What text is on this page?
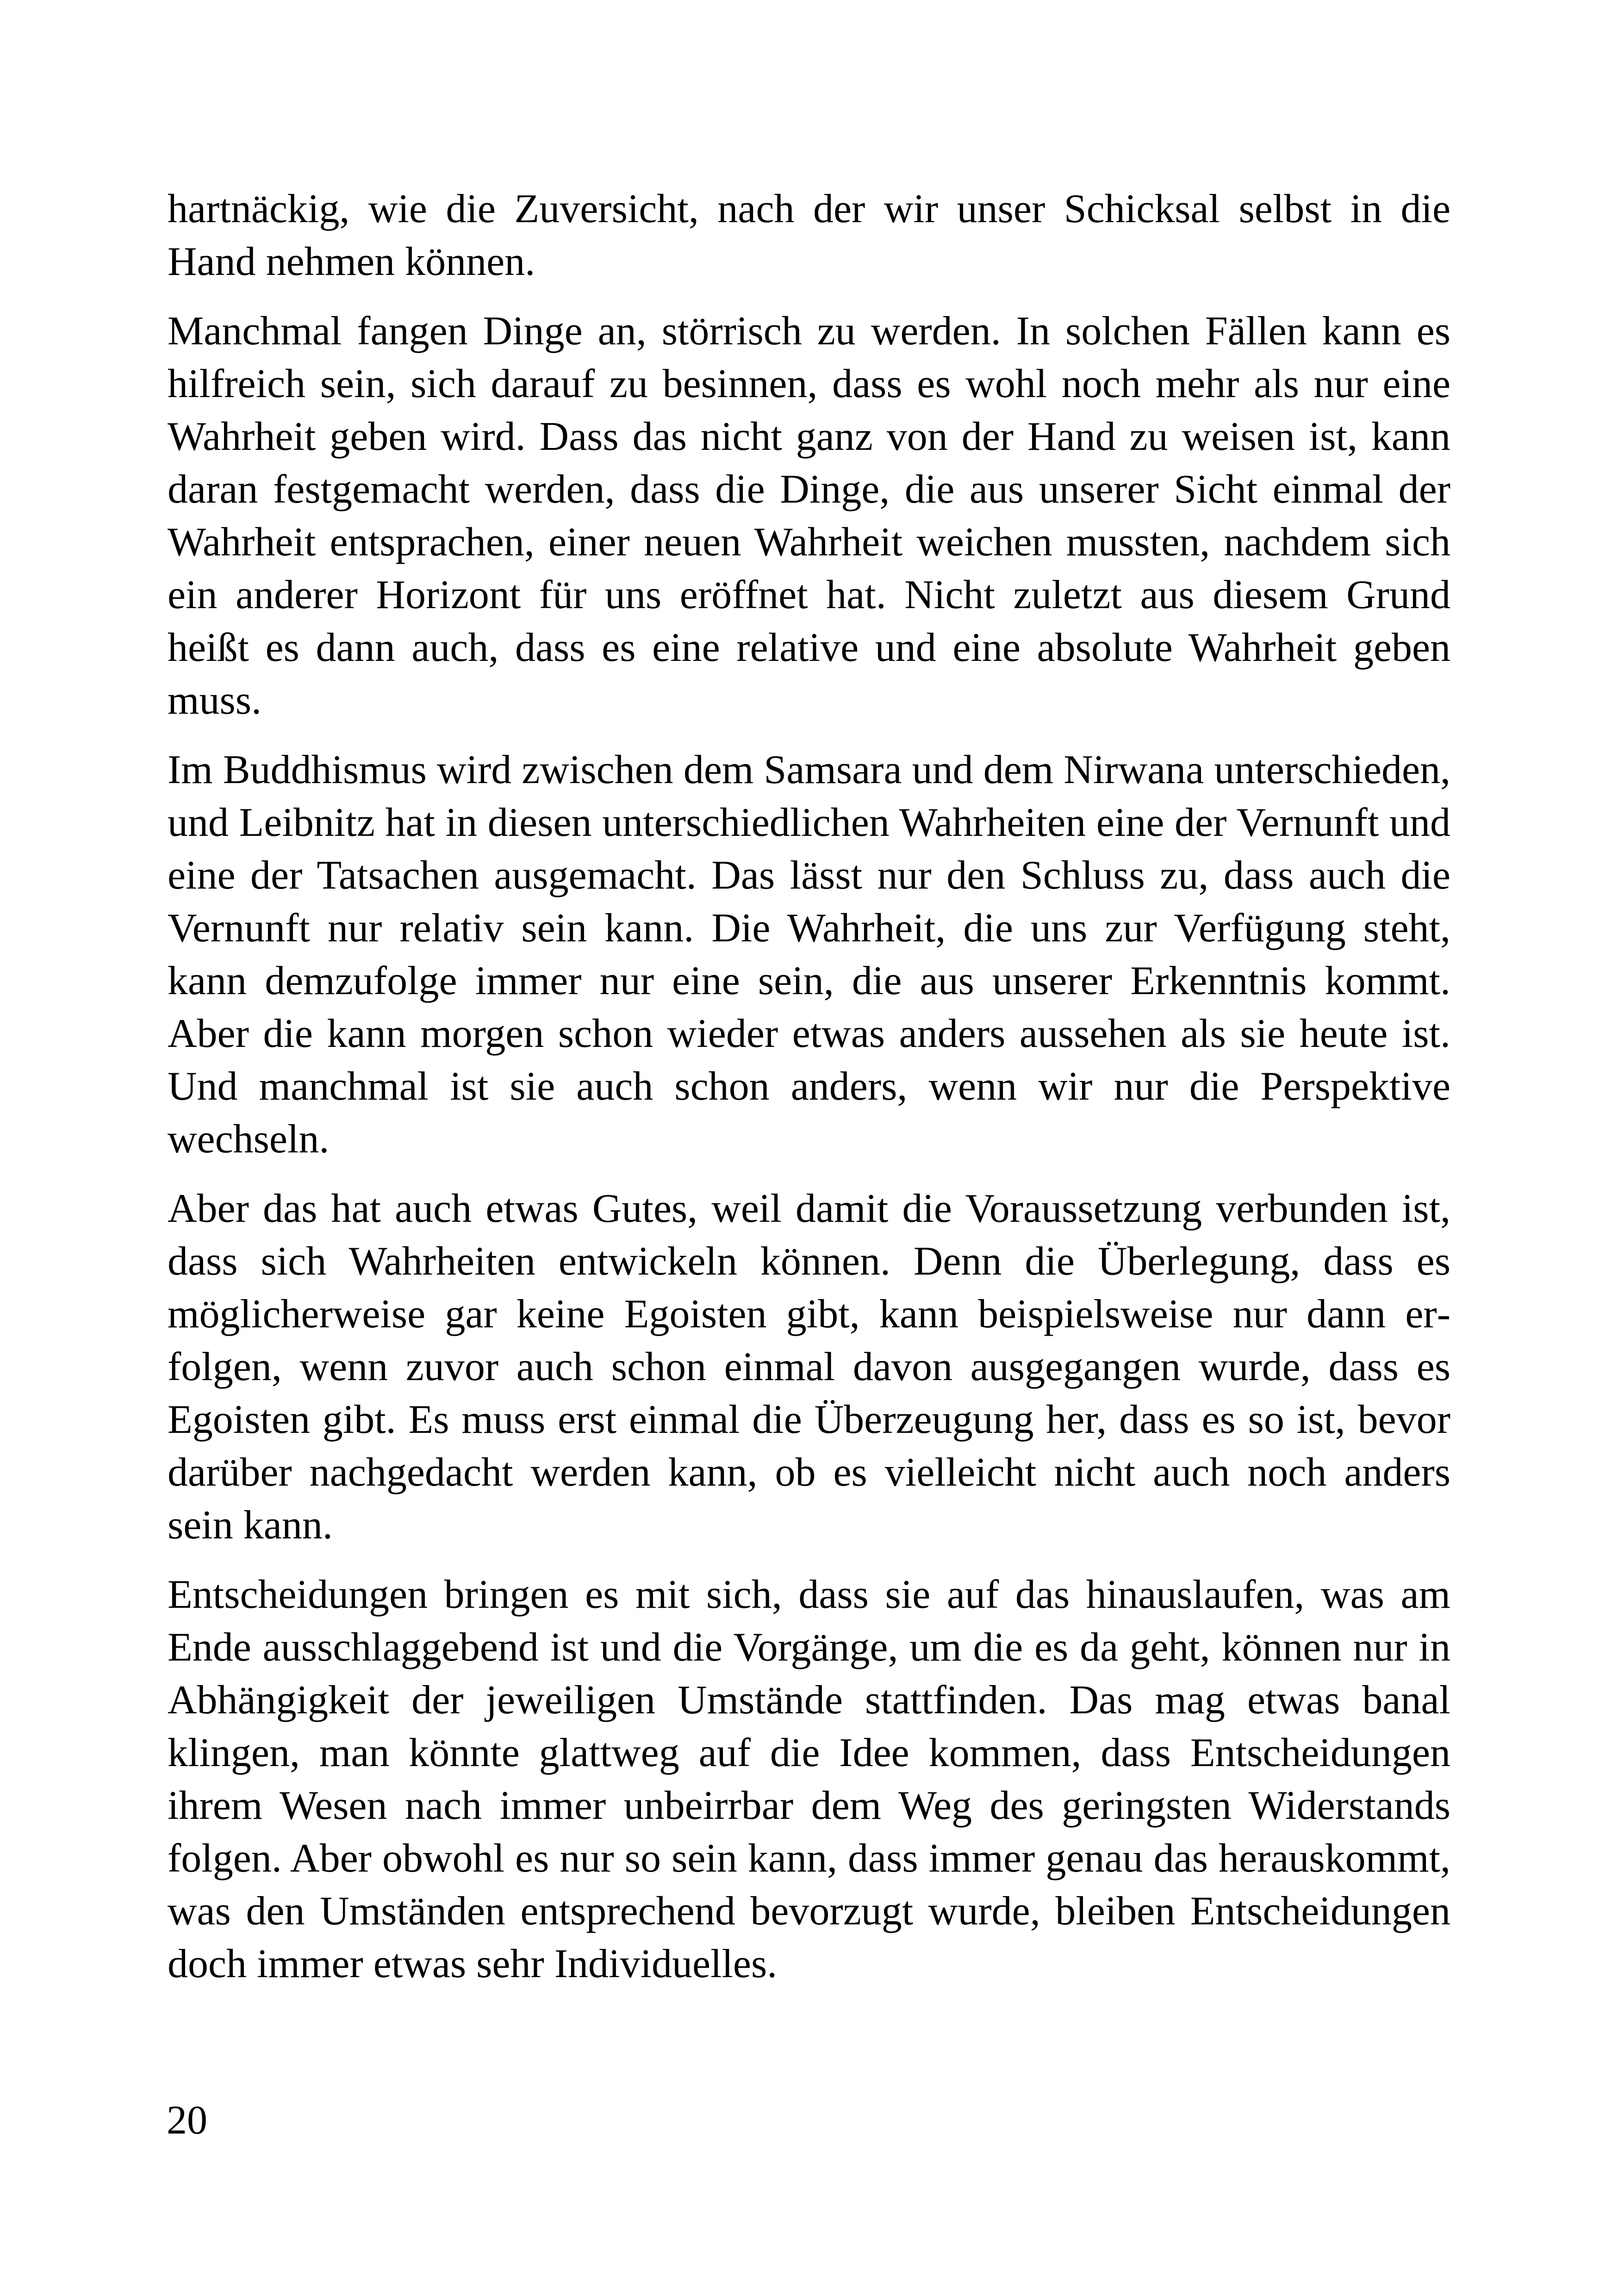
hartnäckig, wie die Zuversicht, nach der wir unser Schicksal selbst in die Hand nehmen können.

Manchmal fangen Dinge an, störrisch zu werden. In solchen Fällen kann es hilfreich sein, sich darauf zu besinnen, dass es wohl noch mehr als nur eine Wahrheit geben wird. Dass das nicht ganz von der Hand zu weisen ist, kann daran festgemacht werden, dass die Dinge, die aus unserer Sicht einmal der Wahrheit entsprachen, einer neuen Wahrheit weichen mussten, nachdem sich ein anderer Horizont für uns eröffnet hat. Nicht zuletzt aus diesem Grund heißt es dann auch, dass es eine relative und eine absolute Wahrheit geben muss.

Im Buddhismus wird zwischen dem Samsara und dem Nirwana unterschieden, und Leibnitz hat in diesen unterschiedlichen Wahrheiten eine der Vernunft und eine der Tatsachen ausgemacht. Das lässt nur den Schluss zu, dass auch die Vernunft nur relativ sein kann. Die Wahrheit, die uns zur Verfügung steht, kann demzufolge immer nur eine sein, die aus unserer Erkenntnis kommt. Aber die kann morgen schon wieder etwas anders aussehen als sie heute ist. Und manchmal ist sie auch schon anders, wenn wir nur die Perspektive wechseln.

Aber das hat auch etwas Gutes, weil damit die Voraussetzung verbunden ist, dass sich Wahrheiten entwickeln können. Denn die Überlegung, dass es möglicherweise gar keine Egoisten gibt, kann beispielsweise nur dann erfolgen, wenn zuvor auch schon einmal davon ausgegangen wurde, dass es Egoisten gibt. Es muss erst einmal die Überzeugung her, dass es so ist, bevor darüber nachgedacht werden kann, ob es vielleicht nicht auch noch anders sein kann.

Entscheidungen bringen es mit sich, dass sie auf das hinauslaufen, was am Ende ausschlaggebend ist und die Vorgänge, um die es da geht, können nur in Abhängigkeit der jeweiligen Umstände stattfinden. Das mag etwas banal klingen, man könnte glattweg auf die Idee kommen, dass Entscheidungen ihrem Wesen nach immer unbeirrbar dem Weg des geringsten Widerstands folgen. Aber obwohl es nur so sein kann, dass immer genau das herauskommt, was den Umständen entsprechend bevorzugt wurde, bleiben Entscheidungen doch immer etwas sehr Individuelles.

20
